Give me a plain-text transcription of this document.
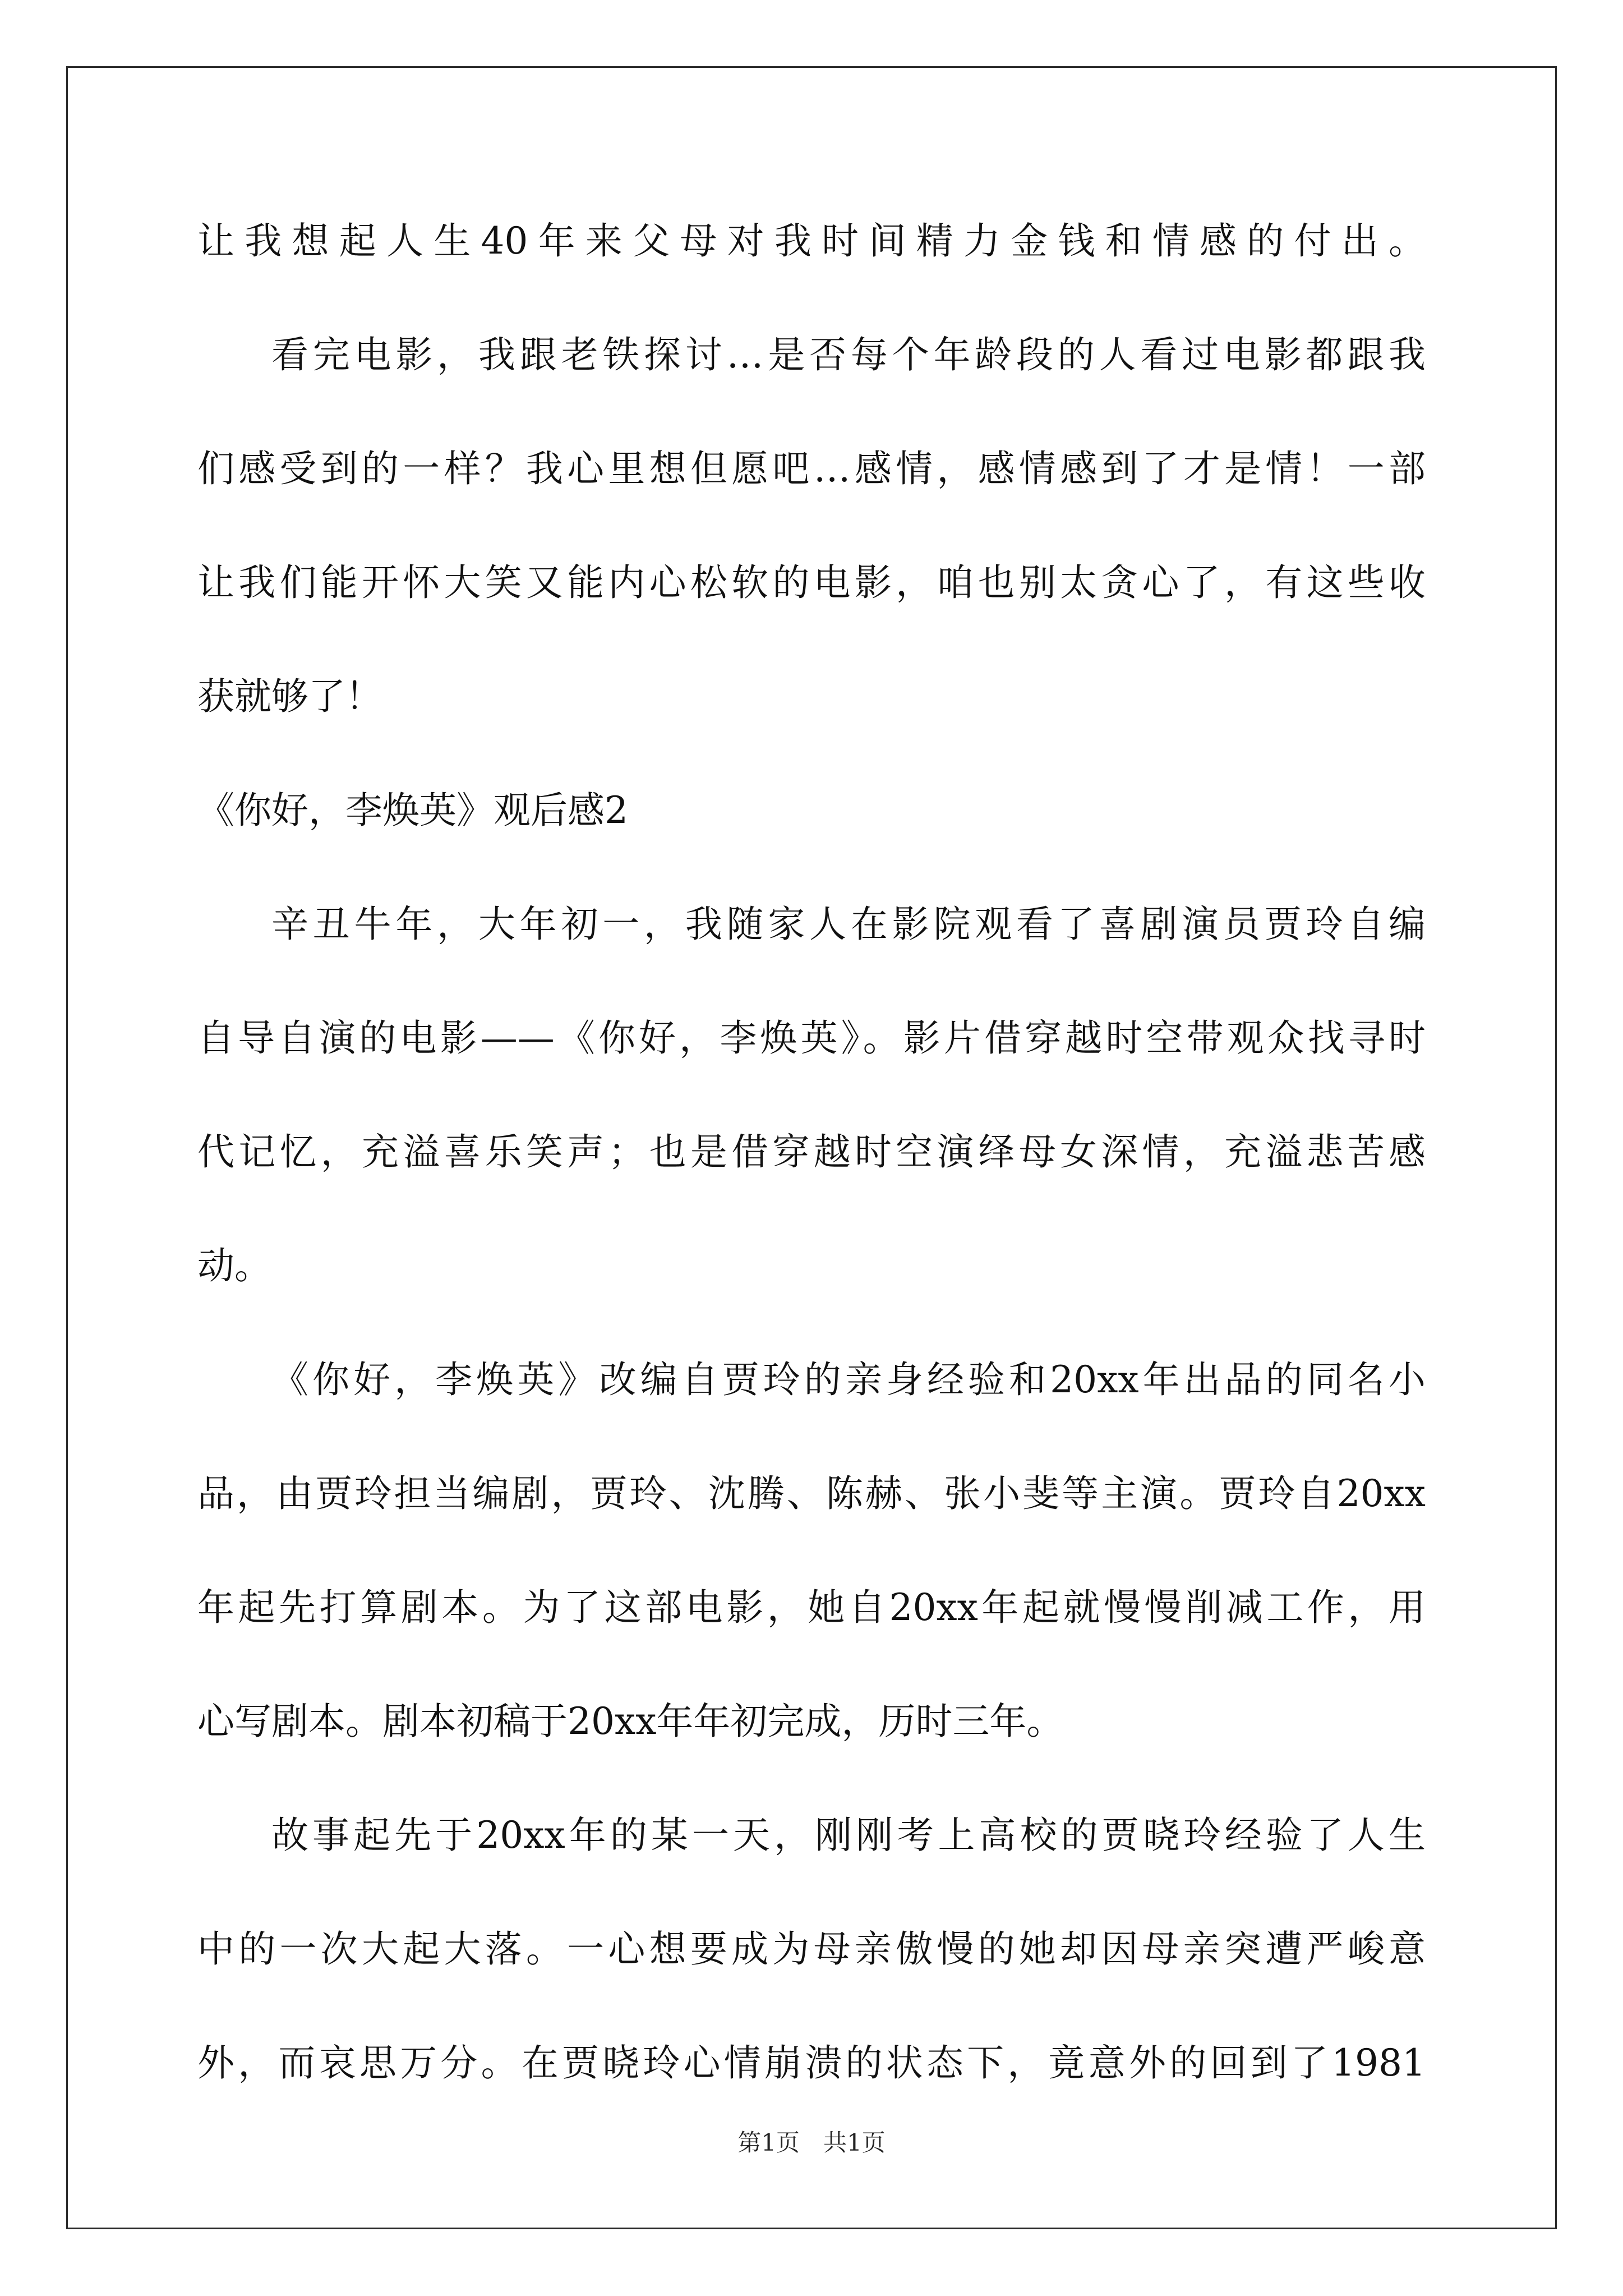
让我想起人生40年来父母对我时间精力金钱和情感的付出。
看完电影，我跟老铁探讨…是否每个年龄段的人看过电影都跟我
们感受到的一样？我心里想但愿吧…感情，感情感到了才是情！一部
让我们能开怀大笑又能内心松软的电影，咱也别太贪心了，有这些收
获就够了！
《你好，李焕英》观后感2
辛丑牛年，大年初一，我随家人在影院观看了喜剧演员贾玲自编
自导自演的电影——《你好，李焕英》。影片借穿越时空带观众找寻时
代记忆，充溢喜乐笑声；也是借穿越时空演绎母女深情，充溢悲苦感
动。
《你好，李焕英》改编自贾玲的亲身经验和20xx年出品的同名小
品，由贾玲担当编剧，贾玲、沈腾、陈赫、张小斐等主演。贾玲自20xx
年起先打算剧本。为了这部电影，她自20xx年起就慢慢削减工作，用
心写剧本。剧本初稿于20xx年年初完成，历时三年。
故事起先于20xx年的某一天，刚刚考上高校的贾晓玲经验了人生
中的一次大起大落。一心想要成为母亲傲慢的她却因母亲突遭严峻意
外，而哀思万分。在贾晓玲心情崩溃的状态下，竟意外的回到了1981
第1页　共1页
